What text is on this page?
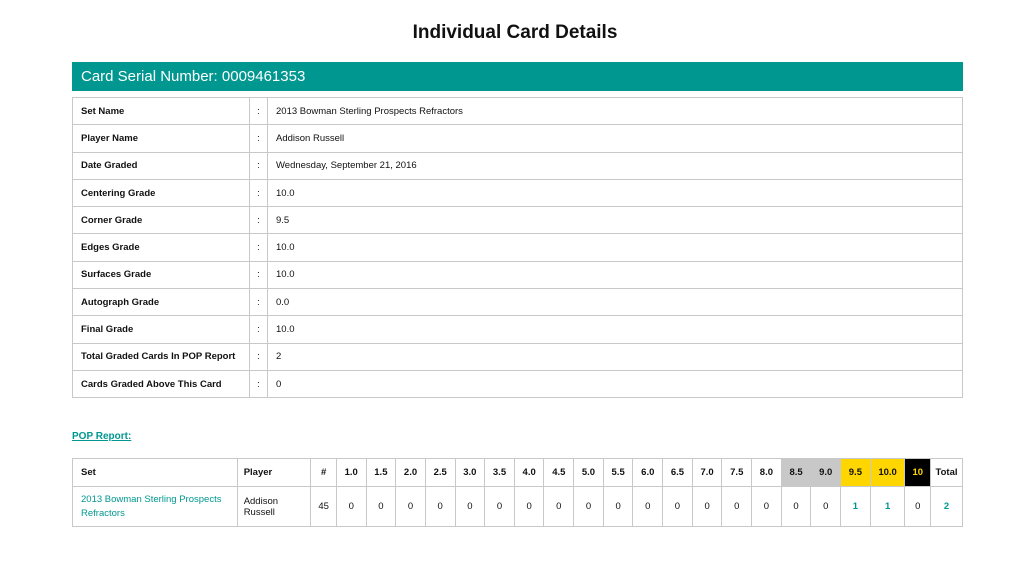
Individual Card Details
Card Serial Number: 0009461353
Set Name	:	2013 Bowman Sterling Prospects Refractors
Player Name	:	Addison Russell
Date Graded	:	Wednesday, September 21, 2016
Centering Grade	:	10.0
Corner Grade	:	9.5
Edges Grade	:	10.0
Surfaces Grade	:	10.0
Autograph Grade	:	0.0
Final Grade	:	10.0
Total Graded Cards In POP Report	:	2
Cards Graded Above This Card	:	0
POP Report:
Set	Player	#	1.0	1.5	2.0	2.5	3.0	3.5	4.0	4.5	5.0	5.5	6.0	6.5	7.0	7.5	8.0	8.5	9.0	9.5	10.0	10	Total
2013 Bowman Sterling Prospects Refractors	Addison Russell	45	0	0	0	0	0	0	0	0	0	0	0	0	0	0	0	0	0	1	1	0	2
